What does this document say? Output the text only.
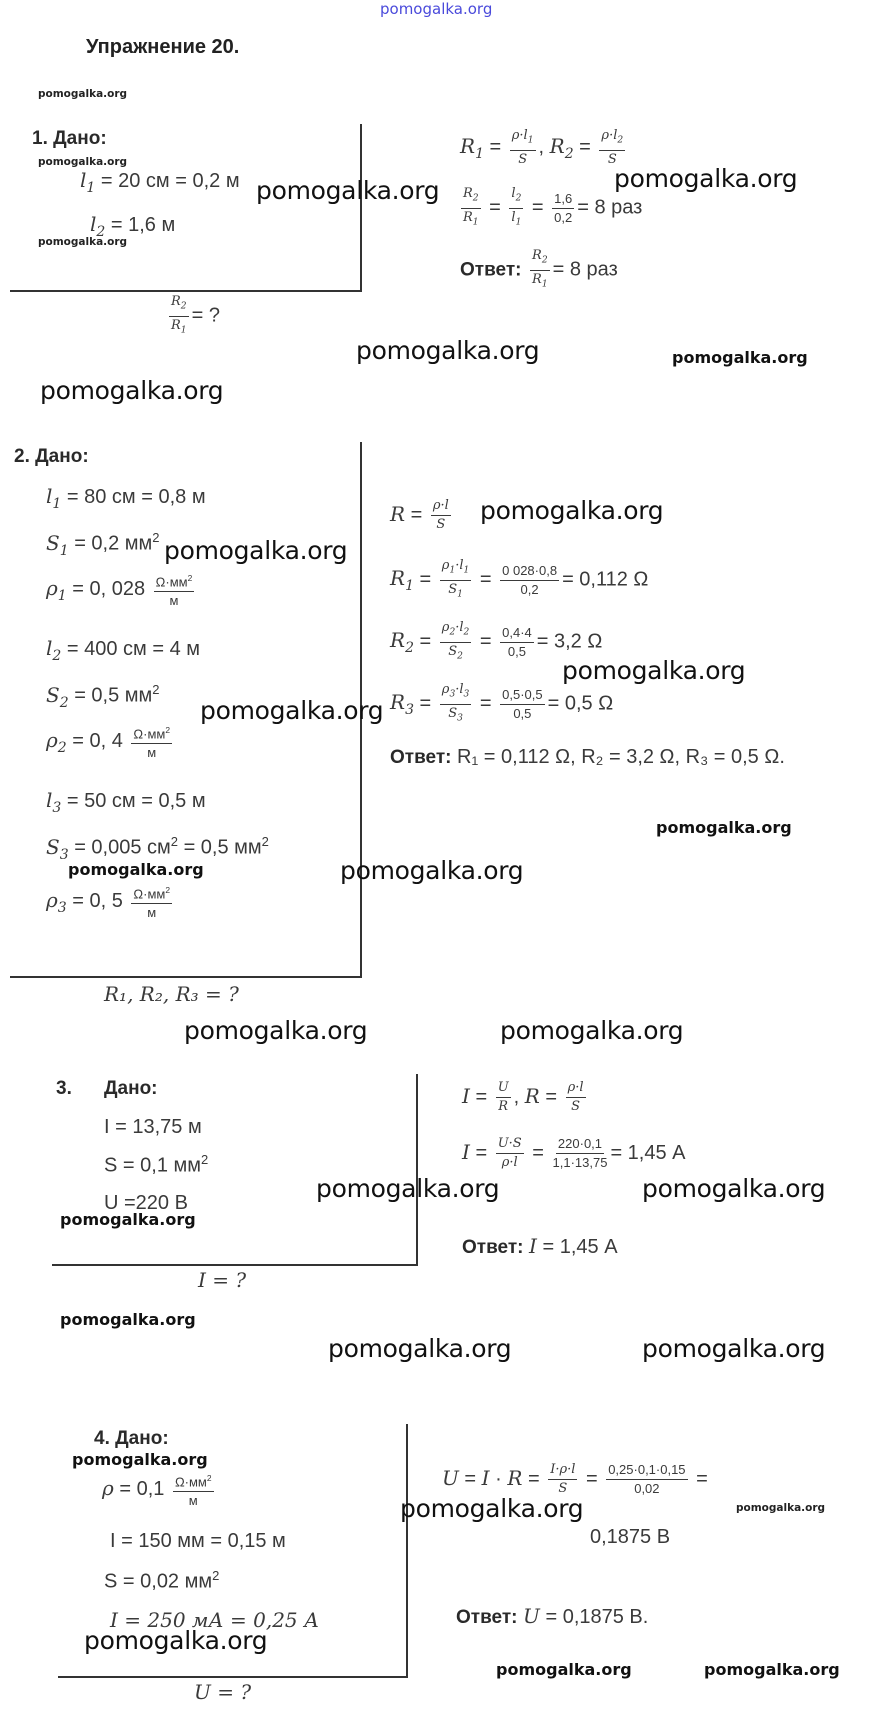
pomogalka.org
Упражнение 20.
pomogalka.org
1. Дано:
pomogalka.org
$l_1 = 20$ см = 0,2 м
$l_2 = 1,6$ м
pomogalka.org
$\frac{R_2}{R_1}$ = ?
$R_1 = \frac{\rho\cdot l_1}{S}$ , $R_2 = \frac{\rho\cdot l_2}{S}$
$\frac{R_2}{R_1} = \frac{l_2}{l_1} = \frac{1,6}{0,2} = 8$ раз
Ответ: $\frac{R_2}{R_1} = 8$ раз
pomogalka.org	pomogalka.org
pomogalka.org	pomogalka.org
pomogalka.org
2. Дано:
$l_1 = 80$ см = 0,8 м
$S_1 = 0,2$ $мм^2$
$\rho_1 = 0$, $028 \frac{\Omega\cdot мм^2}{м}$
$l_2 = 400$ см = 4 м
$S_2 = 0,5$ $мм^2$
$\rho_2 = 0$, $4 \frac{\Omega\cdot мм^2}{м}$
$l_3 = 50$ см = 0,5 м
$S_3 = 0,005$ $см^2 = 0,5$ $мм^2$
$\rho_3 = 0$, $5 \frac{\Omega\cdot мм^2}{м}$
R₁, R₂, R₃ = ?
$R = \frac{\rho\cdot l}{S}$
$R_1 = \frac{\rho_1\cdot l_1}{S_1} = \frac{0 028\cdot 0,8}{0,2} = 0,112$ Ω
$R_2 = \frac{\rho_2\cdot l_2}{S_2} = \frac{0,4\cdot 4}{0,5} = 3,2$ Ω
$R_3 = \frac{\rho_3\cdot l_3}{S_3} = \frac{0,5\cdot 0,5}{0,5} = 0,5$ Ω
Ответ: R₁ = 0,112 Ω, R₂ = 3,2 Ω, R₃ = 0,5 Ω.
pomogalka.org
pomogalka.org
pomogalka.org
pomogalka.org
pomogalka.org
pomogalka.org	pomogalka.org
pomogalka.org	pomogalka.org
3. Дано:
I = 13,75 м
S = 0,1 $мм^2$
U =220 В
pomogalka.org
I = ?
$I = \frac{U}{R}$ , $R = \frac{\rho\cdot l}{S}$
$I = \frac{U\cdot S}{\rho\cdot l} = \frac{220\cdot 0,1}{1,1\cdot 13,75} = 1,45$ А
Ответ: I = 1,45 А
pomogalka.org	pomogalka.org
pomogalka.org
pomogalka.org	pomogalka.org
4. Дано:
pomogalka.org
$\rho = 0,1 \frac{\Omega\cdot мм^2}{м}$
I = 150 мм = 0,15 м
S = 0,02 $мм^2$
I = 250 мА = 0,25 А
U = ?
$U = I \cdot R = \frac{I\cdot\rho\cdot l}{S} = \frac{0,25\cdot 0,1\cdot 0,15}{0,02}$ =
0,1875 В
Ответ: U = 0,1875 В.
pomogalka.org	pomogalka.org
pomogalka.org
pomogalka.org	pomogalka.org
